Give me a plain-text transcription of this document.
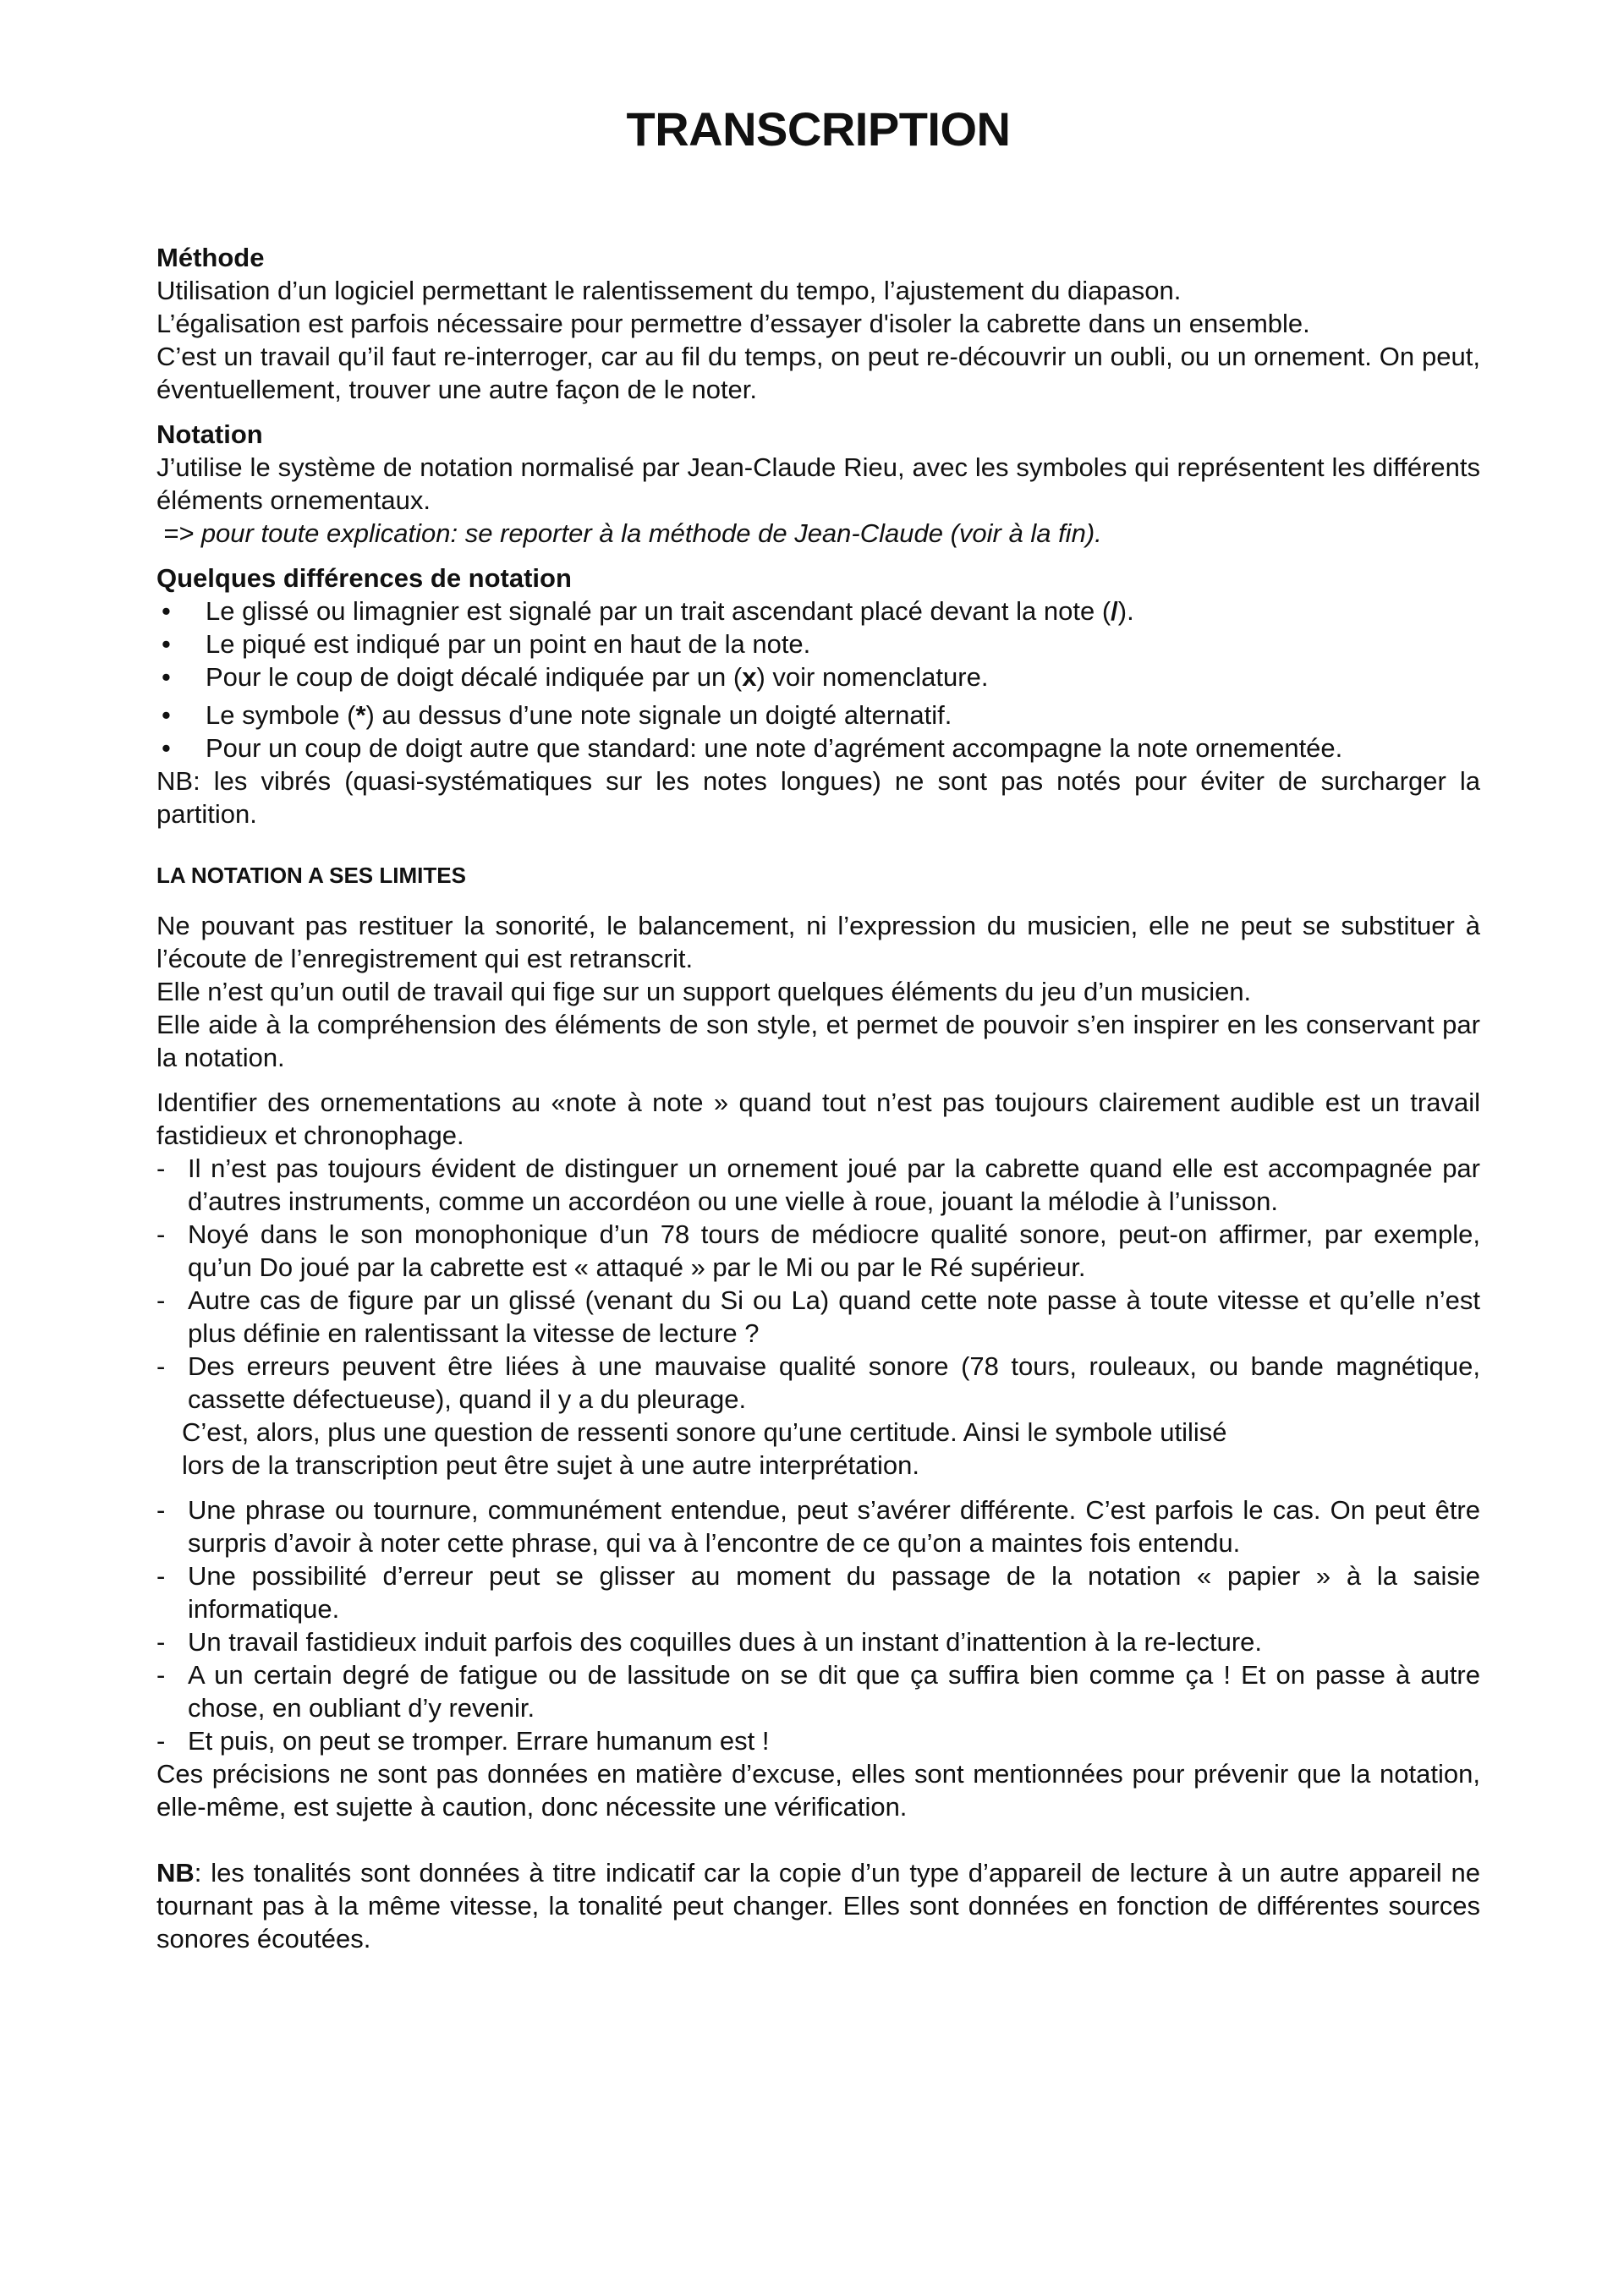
TRANSCRIPTION

Méthode

Utilisation d’un logiciel permettant le ralentissement du tempo, l’ajustement du diapason.

L’égalisation est parfois nécessaire pour permettre d’essayer d'isoler la cabrette dans un ensemble.

C’est un travail qu’il faut re-interroger, car au fil du temps, on peut re-découvrir un oubli, ou un ornement. On peut, éventuellement, trouver une autre façon de le noter.

Notation

J’utilise le système de notation normalisé par Jean-Claude Rieu, avec les symboles qui représentent les différents éléments ornementaux.

=> pour toute explication: se reporter à la méthode de Jean-Claude (voir à la fin).

Quelques différences de notation

• Le glissé ou limagnier est signalé par un trait ascendant placé devant la note (/).
• Le piqué est indiqué par un point en haut de la note.
• Pour le coup de doigt décalé indiquée par un (x) voir nomenclature.
• Le symbole (*) au dessus d’une note signale un doigté alternatif.
• Pour un coup de doigt autre que standard: une note d’agrément accompagne la note ornementée.

NB: les vibrés (quasi-systématiques sur les notes longues) ne sont pas notés pour éviter de surcharger la partition.

LA NOTATION A SES LIMITES

Ne pouvant pas restituer la sonorité, le balancement, ni l’expression du musicien, elle ne peut se substituer à l’écoute de l’enregistrement qui est retranscrit.

Elle n’est qu’un outil de travail qui fige sur un support quelques éléments du jeu d’un musicien.

Elle aide à la compréhension des éléments de son style, et permet de pouvoir s’en inspirer en les conservant par la notation.

Identifier des ornementations au «note à note » quand tout n’est pas toujours clairement audible est un travail fastidieux et chronophage.

- Il n’est pas toujours évident de distinguer un ornement joué par la cabrette quand elle est accompagnée par d’autres instruments, comme un accordéon ou une vielle à roue, jouant la mélodie à l’unisson.
- Noyé dans le son monophonique d’un 78 tours de médiocre qualité sonore, peut-on affirmer, par exemple, qu’un Do joué par la cabrette est « attaqué » par le Mi ou par le Ré supérieur.
- Autre cas de figure par un glissé (venant du Si ou La) quand cette note passe à toute vitesse et qu’elle n’est plus définie en ralentissant la vitesse de lecture ?
- Des erreurs peuvent être liées à une mauvaise qualité sonore (78 tours, rouleaux, ou bande magnétique, cassette défectueuse), quand il y a du pleurage.

C’est, alors, plus une question de ressenti sonore qu’une certitude. Ainsi le symbole utilisé

lors de la transcription peut être sujet à une autre interprétation.

- Une phrase ou tournure, communément entendue, peut s’avérer différente. C’est parfois le cas. On peut être surpris d’avoir à noter cette phrase, qui va à l’encontre de ce qu’on a maintes fois entendu.
- Une possibilité d’erreur peut se glisser au moment du passage de la notation « papier » à la saisie informatique.
- Un travail fastidieux induit parfois des coquilles dues à un instant d’inattention à la re-lecture.
- A un certain degré de fatigue ou de lassitude on se dit que ça suffira bien comme ça ! Et on passe à autre chose, en oubliant d’y revenir.
- Et puis, on peut se tromper. Errare humanum est !

Ces précisions ne sont pas données en matière d’excuse, elles sont mentionnées pour prévenir que la notation, elle-même, est sujette à caution, donc nécessite une vérification.

NB: les tonalités sont données à titre indicatif car la copie d’un type d’appareil de lecture à un autre appareil ne tournant pas à la même vitesse, la tonalité peut changer. Elles sont données en fonction de différentes sources sonores écoutées.
